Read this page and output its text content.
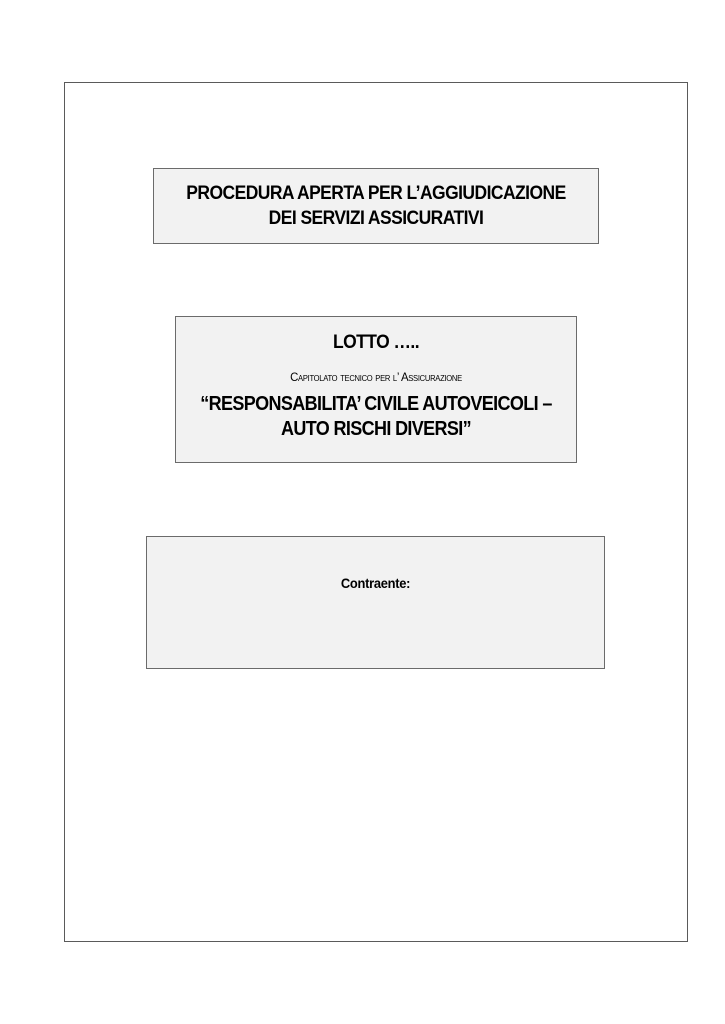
PROCEDURA APERTA PER L’AGGIUDICAZIONE
DEI SERVIZI ASSICURATIVI
LOTTO …..
Capitolato tecnico per l’ Assicurazione
“RESPONSABILITA’ CIVILE AUTOVEICOLI –
AUTO RISCHI DIVERSI”
Contraente:
